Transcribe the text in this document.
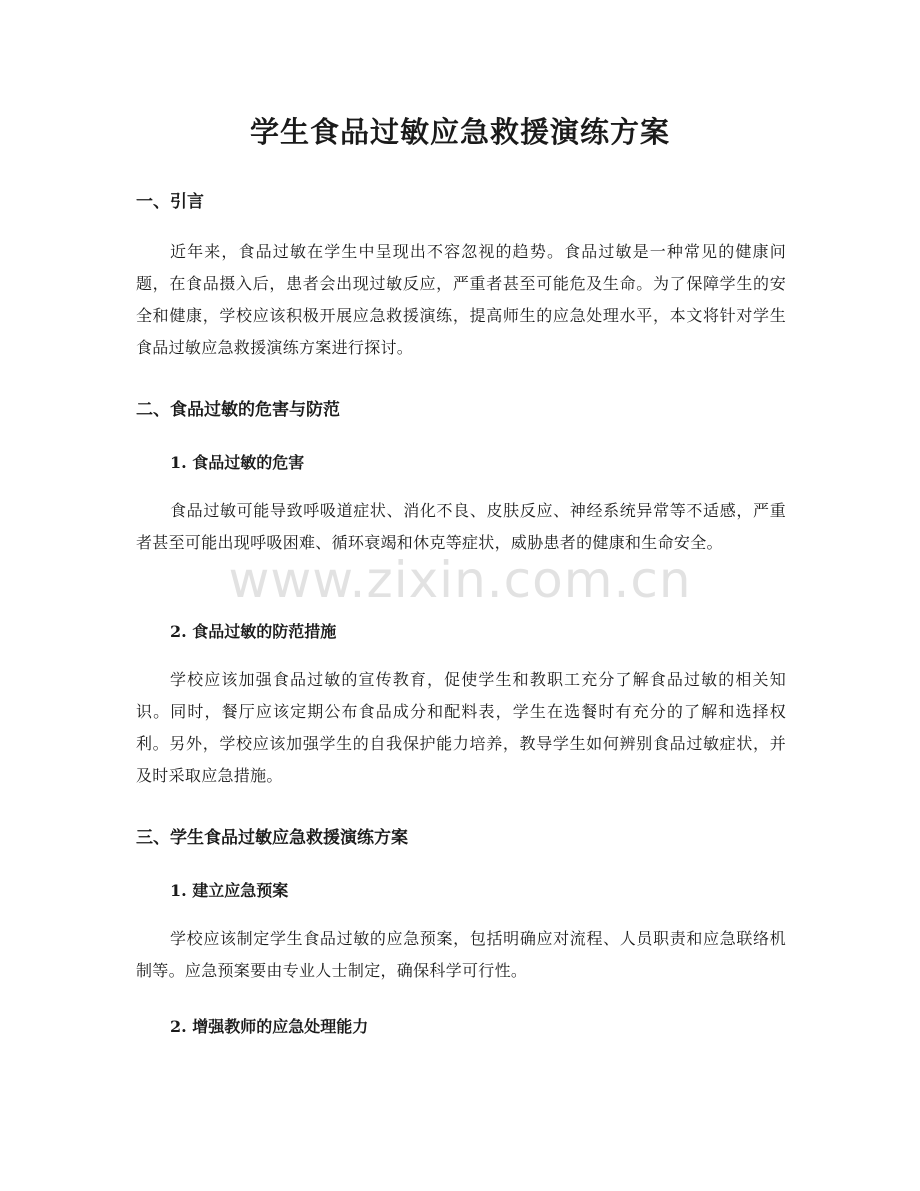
学生食品过敏应急救援演练方案
一、引言

近年来，食品过敏在学生中呈现出不容忽视的趋势。食品过敏是一种常见的健康问题，在食品摄入后，患者会出现过敏反应，严重者甚至可能危及生命。为了保障学生的安全和健康，学校应该积极开展应急救援演练，提高师生的应急处理水平，本文将针对学生食品过敏应急救援演练方案进行探讨。

二、食品过敏的危害与防范
1. 食品过敏的危害

食品过敏可能导致呼吸道症状、消化不良、皮肤反应、神经系统异常等不适感，严重者甚至可能出现呼吸困难、循环衰竭和休克等症状，威胁患者的健康和生命安全。

2. 食品过敏的防范措施

学校应该加强食品过敏的宣传教育，促使学生和教职工充分了解食品过敏的相关知识。同时，餐厅应该定期公布食品成分和配料表，学生在选餐时有充分的了解和选择权利。另外，学校应该加强学生的自我保护能力培养，教导学生如何辨别食品过敏症状，并及时采取应急措施。

三、学生食品过敏应急救援演练方案
1. 建立应急预案

学校应该制定学生食品过敏的应急预案，包括明确应对流程、人员职责和应急联络机制等。应急预案要由专业人士制定，确保科学可行性。

2. 增强教师的应急处理能力
www.zixin.com.cn
